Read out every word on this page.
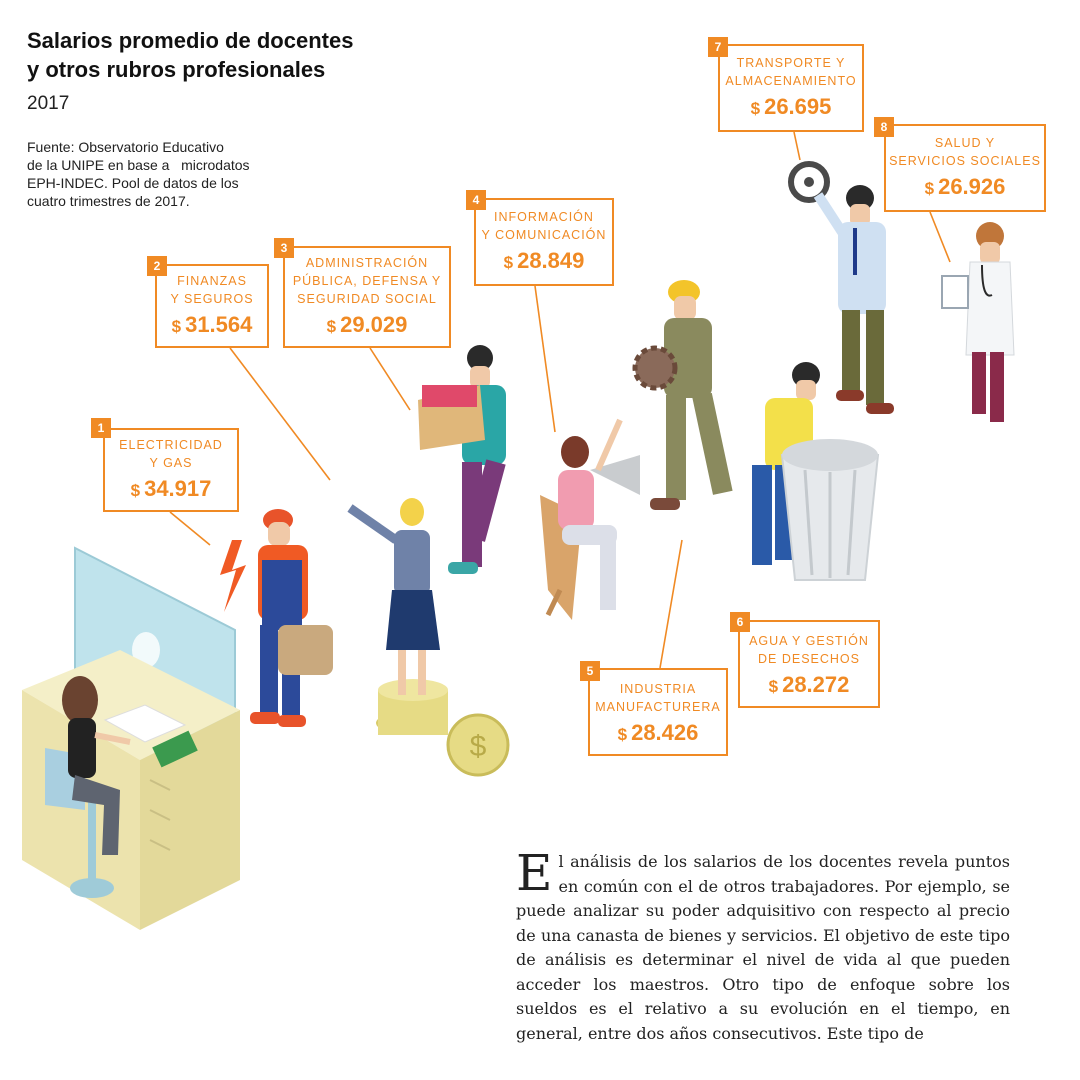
Salarios promedio de docentes
y otros rubros profesionales
2017
Fuente: Observatorio Educativo
de la UNIPE en base a   microdatos
EPH-INDEC. Pool de datos de los
cuatro trimestres de 2017.
$
ELECTRICIDAD
Y GAS
$ 34.917
1
FINANZAS
Y SEGUROS
$ 31.564
2	ADMINISTRACIÓN
PÚBLICA, DEFENSA Y
SEGURIDAD SOCIAL
$ 29.029
3
INFORMACIÓN
Y COMUNICACIÓN
$ 28.849
4
INDUSTRIA
MANUFACTURERA
$ 28.426
5
AGUA Y GESTIÓN
DE DESECHOS
$ 28.272
6
TRANSPORTE Y
ALMACENAMIENTO
$ 26.695
7
SALUD Y
SERVICIOS SOCIALES
$ 26.926
8
El análisis de los salarios de los docentes revela puntos en común con el de otros trabajadores. Por ejemplo, se puede analizar su poder adquisitivo con respecto al precio de una canasta de bienes y servicios. El objetivo de este tipo de análisis es determinar el nivel de vida al que pueden acceder los maestros. Otro tipo de enfoque sobre los sueldos es el relativo a su evolución en el tiempo, en general, entre dos años consecutivos. Este tipo de
